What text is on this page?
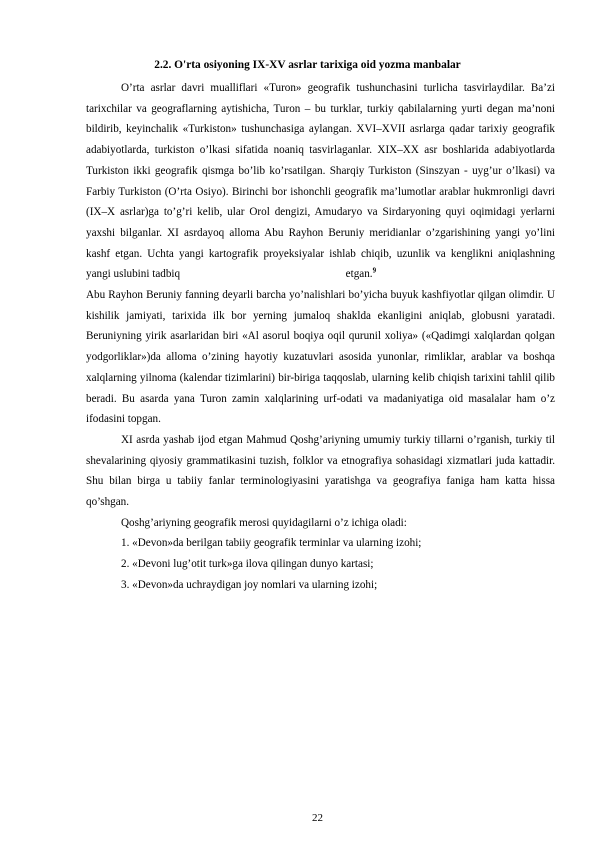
2.2. O'rta osiyoning IX-XV asrlar tarixiga oid yozma manbalar

O’rta asrlar davri mualliflari «Turon» geografik tushunchasini turlicha tasvirlaydilar. Ba’zi tarixchilar va geograflarning aytishicha, Turon – bu turklar, turkiy qabilalarning yurti degan ma’noni bildirib, keyinchalik «Turkiston» tushunchasiga aylangan. XVI–XVII asrlarga qadar tarixiy geografik adabiyotlarda, turkiston o’lkasi sifatida noaniq tasvirlaganlar. XIX–XX asr boshlarida adabiyotlarda Turkiston ikki geografik qismga bo’lib ko’rsatilgan. Sharqiy Turkiston (Sinszyan - uyg’ur o’lkasi) va Farbiy Turkiston (O’rta Osiyo). Birinchi bor ishonchli geografik ma’lumotlar arablar hukmronligi davri (IX–X asrlar)ga to’g’ri kelib, ular Orol dengizi, Amudaryo va Sirdaryoning quyi oqimidagi yerlarni yaxshi bilganlar. XI asrdayoq alloma Abu Rayhon Beruniy meridianlar o’zgarishining yangi yo’lini kashf etgan. Uchta yangi kartografik proyeksiyalar ishlab chiqib, uzunlik va kenglikni aniqlashning yangi uslubini tadbiq	etgan.$^9$

Abu Rayhon Beruniy fanning deyarli barcha yo’nalishlari bo’yicha buyuk kashfiyotlar qilgan olimdir. U kishilik jamiyati, tarixida ilk bor yerning jumaloq shaklda ekanligini aniqlab, globusni yaratadi. Beruniyning yirik asarlaridan biri «Al asorul boqiya oqil qurunil xoliya» («Qadimgi xalqlardan qolgan yodgorliklar»)da alloma o’zining hayotiy kuzatuvlari asosida yunonlar, rimliklar, arablar va boshqa xalqlarning yilnoma (kalendar tizimlarini) bir-biriga taqqoslab, ularning kelib chiqish tarixini tahlil qilib beradi. Bu asarda yana Turon zamin xalqlarining urf-odati va madaniyatiga oid masalalar ham o’z ifodasini topgan.

XI asrda yashab ijod etgan Mahmud Qoshg’ariyning umumiy turkiy tillarni o’rganish, turkiy til shevalarining qiyosiy grammatikasini tuzish, folklor va etnografiya sohasidagi xizmatlari juda kattadir. Shu bilan birga u tabiiy fanlar terminologiyasini yaratishga va geografiya faniga ham katta hissa qo’shgan.

Qoshg’ariyning geografik merosi quyidagilarni o’z ichiga oladi:

1. «Devon»da berilgan tabiiy geografik terminlar va ularning izohi;

2. «Devoni lug’otit turk»ga ilova qilingan dunyo kartasi;

3. «Devon»da uchraydigan joy nomlari va ularning izohi;

22
